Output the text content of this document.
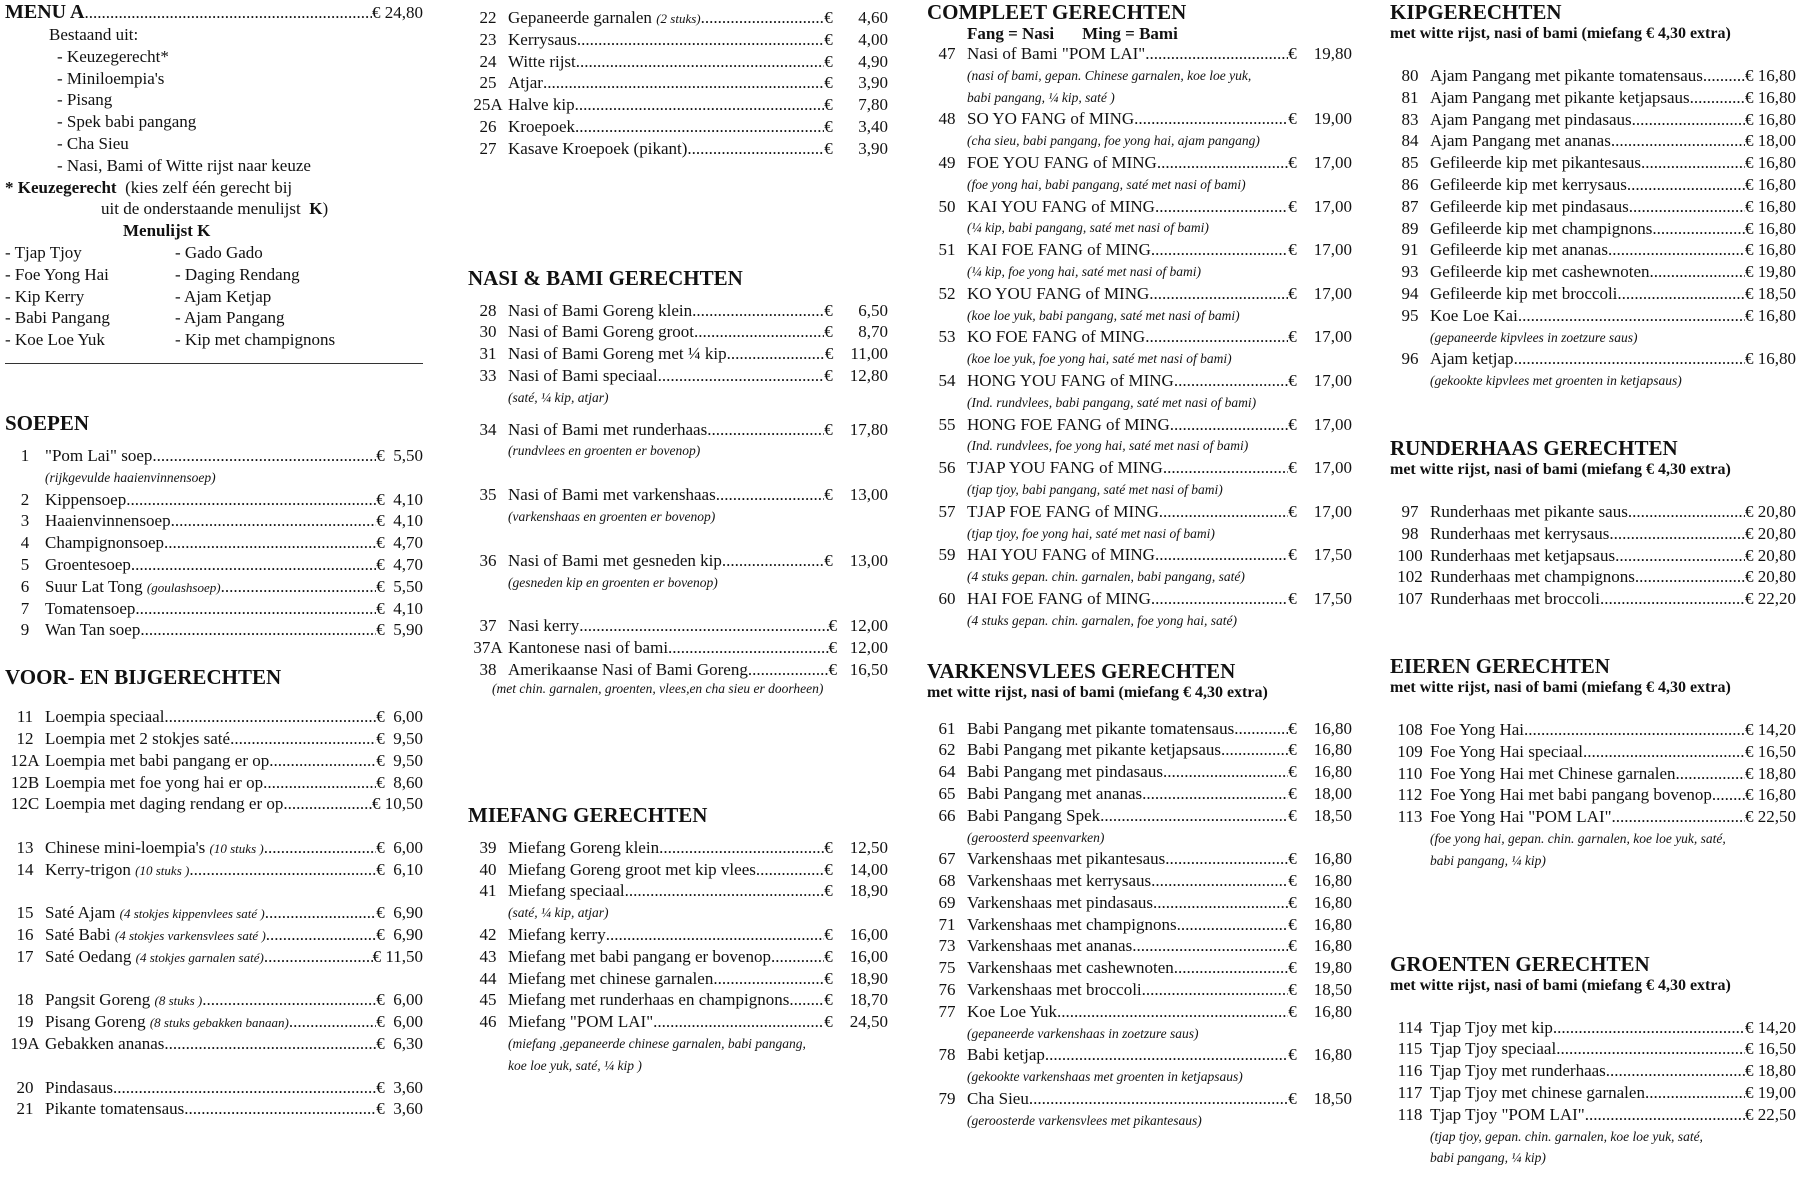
MENU A .....	€ 24,80
Bestaand uit:
- Keuzegerecht*
- Miniloempia's
- Pisang
- Spek babi pangang
- Cha Sieu
- Nasi, Bami of Witte rijst naar keuze
* Keuzegerecht (kies zelf één gerecht bij
uit de onderstaande menulijst K)
Menulijst K
- Tjap Tjoy
- Foe Yong Hai
- Kip Kerry
- Babi Pangang
- Koe Loe Yuk
- Gado Gado
- Daging Rendang
- Ajam Ketjap
- Ajam Pangang
- Kip met champignons
SOEPEN
1 "Pom Lai" soep .....	€  5,50
(rijkgevulde haaienvinnensoep)
2 Kippensoep .....	€  4,10
3 Haaienvinnensoep .....	€  4,10
4 Champignonsoep .....	€  4,70
5 Groentesoep .....	€  4,70
6 Suur Lat Tong (goulashsoep) .....	€  5,50
7 Tomatensoep .....	€  4,10
9 Wan Tan soep .....	€  5,90
VOOR- EN BIJGERECHTEN
11 Loempia speciaal .....	€  6,00
12 Loempia met 2 stokjes saté .....	€  9,50
12A Loempia met babi pangang er op .....	€  9,50
12B Loempia met foe yong hai er op .....	€  8,60
12C Loempia met daging rendang er op .....	€ 10,50
13 Chinese mini-loempia's (10 stuks ) .....	€  6,00
14 Kerry-trigon (10 stuks ) .....	€  6,10
15 Saté Ajam (4 stokjes kippenvlees saté ) .....	€  6,90
16 Saté Babi (4 stokjes varkensvlees saté ) .....	€  6,90
17 Saté Oedang (4 stokjes garnalen saté) .....	€ 11,50
18 Pangsit Goreng (8 stuks ) .....	€  6,00
19 Pisang Goreng (8 stuks gebakken banaan) .....	€  6,00
19A Gebakken ananas .....	€  6,30
20 Pindasaus .....	€  3,60
21 Pikante tomatensaus .....	€  3,60
22 Gepaneerde garnalen (2 stuks) .....	€      4,60
23 Kerrysaus .....	€      4,00
24 Witte rijst .....	€      4,90
25 Atjar .....	€      3,90
25A Halve kip .....	€      7,80
26 Kroepoek .....	€      3,40
27 Kasave Kroepoek (pikant) .....	€      3,90
NASI & BAMI GERECHTEN
28 Nasi of Bami Goreng klein .....	€      6,50
30 Nasi of Bami Goreng groot .....	€      8,70
31 Nasi of Bami Goreng met ¼ kip .....	€    11,00
33 Nasi of Bami speciaal .....	€    12,80
(saté, ¼ kip, atjar)
34 Nasi of Bami met runderhaas .....	€    17,80
(rundvlees en groenten er bovenop)
35 Nasi of Bami met varkenshaas .....	€    13,00
(varkenshaas en groenten er bovenop)
36 Nasi of Bami met gesneden kip .....	€    13,00
(gesneden kip en groenten er bovenop)
37 Nasi kerry .....	€   12,00
37A Kantonese nasi of bami .....	€   12,00
38 Amerikaanse Nasi of Bami Goreng .....	€   16,50
(met chin. garnalen, groenten, vlees,en cha sieu er doorheen)
MIEFANG GERECHTEN
39 Miefang Goreng klein .....	€    12,50
40 Miefang Goreng groot met kip vlees .....	€    14,00
41 Miefang speciaal .....	€    18,90
(saté, ¼ kip, atjar)
42 Miefang kerry .....	€    16,00
43 Miefang met babi pangang er bovenop .....	€    16,00
44 Miefang met chinese garnalen .....	€    18,90
45 Miefang met runderhaas en champignons ..... €    18,70
46 Miefang "POM LAI" .....	€    24,50
(miefang ,gepaneerde chinese garnalen, babi pangang,
koe loe yuk, saté, ¼ kip )
COMPLEET GERECHTEN
Fang = Nasi Ming = Bami
47 Nasi of Bami "POM LAI" .....	€    19,80
(nasi of bami, gepan. Chinese garnalen, koe loe yuk,
babi pangang, ¼ kip, saté )
48 SO YO FANG of MING .....	€    19,00
(cha sieu, babi pangang, foe yong hai, ajam pangang)
49 FOE YOU FANG of MING .....	€    17,00
(foe yong hai, babi pangang, saté met nasi of bami)
50 KAI YOU FANG of MING .....	€    17,00
(¼ kip, babi pangang, saté met nasi of bami)
51 KAI FOE FANG of MING .....	€    17,00
(¼ kip, foe yong hai, saté met nasi of bami)
52 KO YOU FANG of MING .....	€    17,00
(koe loe yuk, babi pangang, saté met nasi of bami)
53 KO FOE FANG of MING .....	€    17,00
(koe loe yuk, foe yong hai, saté met nasi of bami)
54 HONG YOU FANG of MING .....	€    17,00
(Ind. rundvlees, babi pangang, saté met nasi of bami)
55 HONG FOE FANG of MING .....	€    17,00
(Ind. rundvlees, foe yong hai, saté met nasi of bami)
56 TJAP YOU FANG of MING .....	€    17,00
(tjap tjoy, babi pangang, saté met nasi of bami)
57 TJAP FOE FANG of MING .....	€    17,00
(tjap tjoy, foe yong hai, saté met nasi of bami)
59 HAI YOU FANG of MING .....	€    17,50
(4 stuks gepan. chin. garnalen, babi pangang, saté)
60 HAI FOE FANG of MING .....	€    17,50
(4 stuks gepan. chin. garnalen, foe yong hai, saté)
VARKENSVLEES GERECHTEN
met witte rijst, nasi of bami (miefang € 4,30 extra)
61 Babi Pangang met pikante tomatensaus .....	€    16,80
62 Babi Pangang met pikante ketjapsaus .....	€    16,80
64 Babi Pangang met pindasaus .....	€    16,80
65 Babi Pangang met ananas .....	€    18,00
66 Babi Pangang Spek .....	€    18,50
(geroosterd speenvarken)
67 Varkenshaas met pikantesaus .....	€    16,80
68 Varkenshaas met kerrysaus .....	€    16,80
69 Varkenshaas met pindasaus .....	€    16,80
71 Varkenshaas met champignons .....	€    16,80
73 Varkenshaas met ananas .....	€    16,80
75 Varkenshaas met cashewnoten .....	€    19,80
76 Varkenshaas met broccoli .....	€    18,50
77 Koe Loe Yuk .....	€    16,80
(gepaneerde varkenshaas in zoetzure saus)
78 Babi ketjap .....	€    16,80
(gekookte varkenshaas met groenten in ketjapsaus)
79 Cha Sieu .....	€    18,50
(geroosterde varkensvlees met pikantesaus)
KIPGERECHTEN
met witte rijst, nasi of bami (miefang € 4,30 extra)
80 Ajam Pangang met pikante tomatensaus ..... € 16,80
81 Ajam Pangang met pikante ketjapsaus .....	€ 16,80
83 Ajam Pangang met pindasaus .....	€ 16,80
84 Ajam Pangang met ananas .....	€ 18,00
85 Gefileerde kip met pikantesaus .....	€ 16,80
86 Gefileerde kip met kerrysaus .....	€ 16,80
87 Gefileerde kip met pindasaus .....	€ 16,80
89 Gefileerde kip met champignons .....	€ 16,80
91 Gefileerde kip met ananas .....	€ 16,80
93 Gefileerde kip met cashewnoten .....	€ 19,80
94 Gefileerde kip met broccoli .....	€ 18,50
95 Koe Loe Kai .....	€ 16,80
(gepaneerde kipvlees in zoetzure saus)
96 Ajam ketjap .....	€ 16,80
(gekookte kipvlees met groenten in ketjapsaus)
RUNDERHAAS GERECHTEN
met witte rijst, nasi of bami (miefang € 4,30 extra)
97 Runderhaas met pikante saus .....	€ 20,80
98 Runderhaas met kerrysaus .....	€ 20,80
100 Runderhaas met ketjapsaus .....	€ 20,80
102 Runderhaas met champignons .....	€ 20,80
107 Runderhaas met broccoli .....	€ 22,20
EIEREN GERECHTEN
met witte rijst, nasi of bami (miefang € 4,30 extra)
108 Foe Yong Hai .....	€ 14,20
109 Foe Yong Hai speciaal .....	€ 16,50
110 Foe Yong Hai met Chinese garnalen .....	€ 18,80
112 Foe Yong Hai met babi pangang bovenop ..... € 16,80
113 Foe Yong Hai "POM LAI" .....	€ 22,50
(foe yong hai, gepan. chin. garnalen, koe loe yuk, saté,
babi pangang, ¼ kip)
GROENTEN GERECHTEN
met witte rijst, nasi of bami (miefang € 4,30 extra)
114 Tjap Tjoy met kip .....	€ 14,20
115 Tjap Tjoy speciaal .....	€ 16,50
116 Tjap Tjoy met runderhaas .....	€ 18,80
117 Tjap Tjoy met chinese garnalen .....	€ 19,00
118 Tjap Tjoy "POM LAI" .....	€ 22,50
(tjap tjoy, gepan. chin. garnalen, koe loe yuk, saté,
babi pangang, ¼ kip)
